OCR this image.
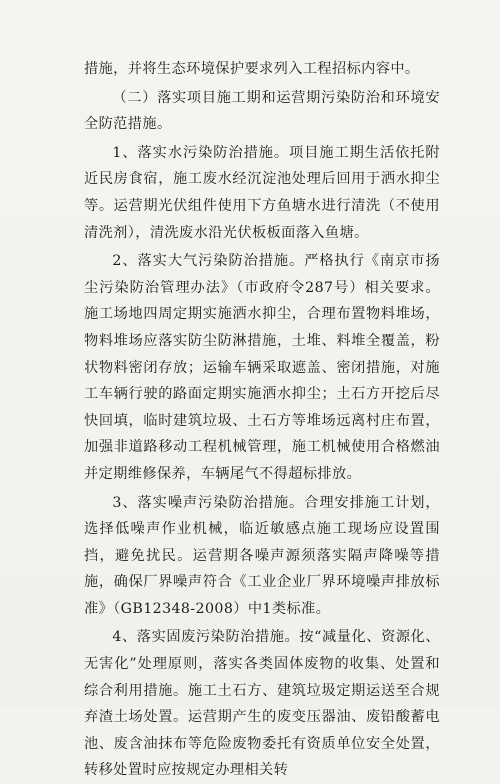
措施，并将生态环境保护要求列入工程招标内容中。

（二）落实项目施工期和运营期污染防治和环境安全防范措施。

1、落实水污染防治措施。项目施工期生活依托附近民房食宿，施工废水经沉淀池处理后回用于洒水抑尘等。运营期光伏组件使用下方鱼塘水进行清洗（不使用清洗剂），清洗废水沿光伏板板面落入鱼塘。

2、落实大气污染防治措施。严格执行《南京市扬尘污染防治管理办法》（市政府令287号）相关要求。施工场地四周定期实施洒水抑尘，合理布置物料堆场，物料堆场应落实防尘防淋措施，土堆、料堆全覆盖，粉状物料密闭存放；运输车辆采取遮盖、密闭措施，对施工车辆行驶的路面定期实施洒水抑尘；土石方开挖后尽快回填，临时建筑垃圾、土石方等堆场远离村庄布置，加强非道路移动工程机械管理，施工机械使用合格燃油并定期维修保养，车辆尾气不得超标排放。

3、落实噪声污染防治措施。合理安排施工计划，选择低噪声作业机械，临近敏感点施工现场应设置围挡，避免扰民。运营期各噪声源须落实隔声降噪等措施，确保厂界噪声符合《工业企业厂界环境噪声排放标准》（GB12348-2008）中1类标准。

4、落实固废污染防治措施。按“减量化、资源化、无害化”处理原则，落实各类固体废物的收集、处置和综合利用措施。施工土石方、建筑垃圾定期运送至合规弃渣土场处置。运营期产生的废变压器油、废铅酸蓄电池、废含油抹布等危险废物委托有资质单位安全处置，转移处置时应按规定办理相关转
